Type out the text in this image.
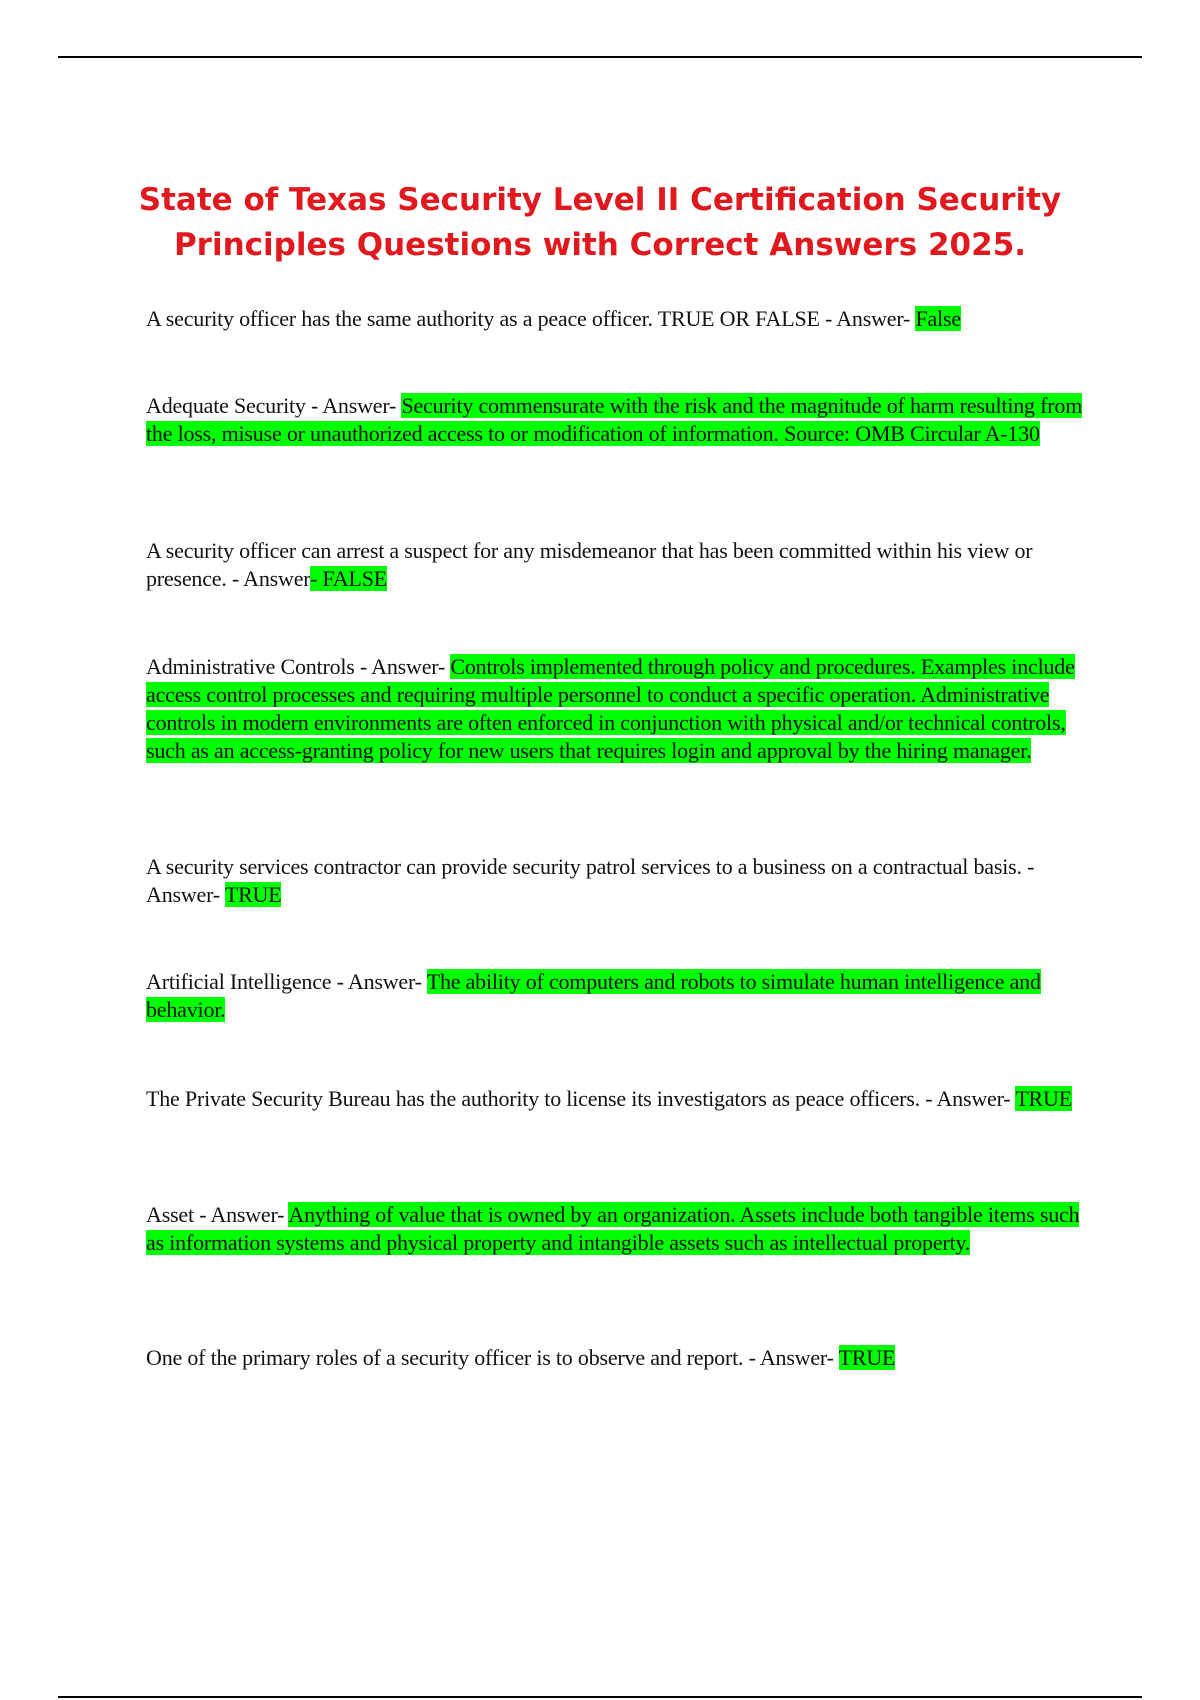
State of Texas Security Level II Certification Security Principles Questions with Correct Answers 2025.
A security officer has the same authority as a peace officer. TRUE OR FALSE - Answer- False
Adequate Security - Answer- Security commensurate with the risk and the magnitude of harm resulting from the loss, misuse or unauthorized access to or modification of information. Source: OMB Circular A-130
A security officer can arrest a suspect for any misdemeanor that has been committed within his view or presence. - Answer- FALSE
Administrative Controls - Answer- Controls implemented through policy and procedures. Examples include access control processes and requiring multiple personnel to conduct a specific operation. Administrative controls in modern environments are often enforced in conjunction with physical and/or technical controls, such as an access-granting policy for new users that requires login and approval by the hiring manager.
A security services contractor can provide security patrol services to a business on a contractual basis. - Answer- TRUE
Artificial Intelligence - Answer- The ability of computers and robots to simulate human intelligence and behavior.
The Private Security Bureau has the authority to license its investigators as peace officers. - Answer- TRUE
Asset - Answer- Anything of value that is owned by an organization. Assets include both tangible items such as information systems and physical property and intangible assets such as intellectual property.
One of the primary roles of a security officer is to observe and report. - Answer- TRUE
